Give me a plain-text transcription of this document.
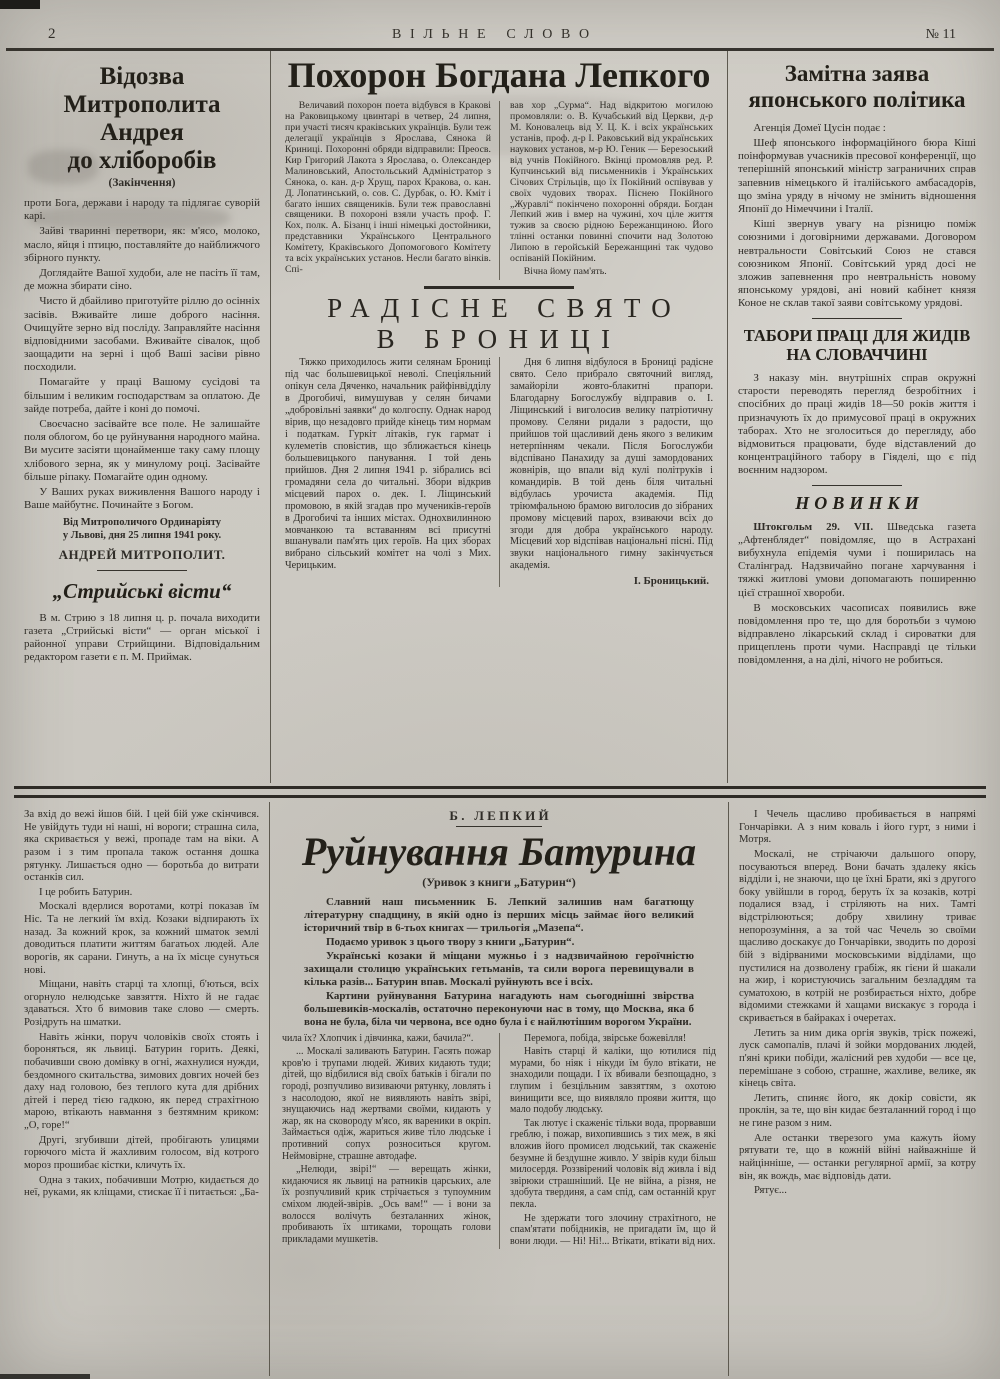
2	ВІЛЬНЕ СЛОВО	№ 11
Відозва
Митрополита Андрея
до хліборобів
(Закінчення)

проти Бога, держави і народу та підлягає суворій карі.

Зайві тваринні перетвори, як: м'ясо, молоко, масло, яйця і птицю, поставляйте до найближчого збірного пункту.

Доглядайте Вашої худоби, але не пасіть її там, де можна збирати сіно.

Чисто й дбайливо приготуйте ріллю до осінніх засівів. Вживайте лише доброго насіння. Очищуйте зерно від посліду. Заправляйте насіння відповідними засобами. Вживайте сівалок, щоб заощадити на зерні і щоб Ваші засіви рівно посходили.

Помагайте у праці Вашому сусідові та більшим і великим господарствам за оплатою. Де зайде потреба, дайте і коні до помочі.

Своєчасно засівайте все поле. Не залишайте поля облогом, бо це руйнування народного майна. Ви мусите засіяти щонайменше таку саму площу хлібового зерна, як у минулому році. Засівайте більше ріпаку. Помагайте один одному.

У Ваших руках виживлення Вашого народу і Ваше майбутнє. Починайте з Богом.

Від Митрополичого Ординаріяту
у Львові, дня 25 липня 1941 року.
АНДРЕЙ МИТРОПОЛИТ.
„Стрийські вісти“

В м. Стрию з 18 липня ц. р. почала виходити газета „Стрийські вісти“ — орган міської і районної управи Стрийщини. Відповідальним редактором газети є п. М. Приймак.

Похорон Богдана Лепкого

Величавий похорон поета відбувся в Кракові на Раковицькому цвинтарі в четвер, 24 липня, при участі тисяч краківських українців. Були теж делегації українців з Ярослава, Сянока й Криниці. Похоронні обряди відправили: Преосв. Кир Григорий Лакота з Ярослава, о. Олександер Малиновський, Апостольський Адміністратор з Сянока, о. кан. д-р Хрущ, парох Кракова, о. кан. Д. Лопатинський, о. сов. С. Дурбак, о. Ю. Кміт і багато інших священиків. Були теж православні священики. В похороні взяли участь проф. Г. Кох, полк. А. Бізанц і інші німецькі достойники, представники Українського Центрального Комітету, Краківського Допомогового Комітету та всіх українських установ. Несли багато вінків. Спі-

вав хор „Сурма“. Над відкритою могилою промовляли: о. В. Кучабський від Церкви, д-р М. Коновалець від У. Ц. К. і всіх українських устанів, проф. д-р І. Раковський від українських наукових установ, м-р Ю. Геник — Березоський від учнів Покійного. Вкінці промовляв ред. Р. Купчинський від письменників і Українських Січових Стрільців, що їх Покійний оспівував у своїх чудових творах. Піснею Покійного „Журавлі“ покінчено похоронні обряди. Богдан Лепкий жив і вмер на чужині, хоч ціле життя тужив за своєю рідною Бережанщиною. Його тлінні останки повинні спочити над Золотою Липою в геройській Бережанщині так чудово оспіваній Покійним.

Вічна йому пам'ять.

РАДІСНЕ СВЯТО
В БРОНИЦІ

Тяжко приходилось жити селянам Брониці під час большевицької неволі. Спеціяльний опікун села Дяченко, начальник райфінвідділу в Дрогобичі, вимушував у селян бичами „добровільні заявки“ до колгоспу. Однак народ вірив, що незадовго прийде кінець тим нормам і податкам. Гуркіт літаків, гук гармат і кулеметів сповістив, що зближається кінець большевицького панування. І той день прийшов. Дня 2 липня 1941 р. зібрались всі громадяни села до читальні. Збори відкрив місцевий парох о. дек. І. Ліщинський промовою, в якій згадав про мучеників-героїв в Дрогобичі та інших містах. Однохвилинною мовчанкою та вставанням всі присутні вшанували пам'ять цих героїв. На цих зборах вибрано сільський комітет на чолі з Мих. Черицьким.

Дня 6 липня відбулося в Брониці радісне свято. Село прибрало святочний вигляд, замайоріли жовто-блакитні прапори. Благодарну Богослужбу відправив о. І. Ліщинський і виголосив велику патріотичну промову. Селяни ридали з радости, що прийшов той щасливий день якого з великим нетерпінням чекали. Після Богослужби відспівано Панахиду за душі замордованих жовнірів, що впали від кулі політруків і командирів. В той день біля читальні відбулась урочиста академія. Під тріюмфальною брамою виголосив до зібраних промову місцевий парох, взиваючи всіх до згоди для добра українського народу. Місцевий хор відспівав національні пісні. Під звуки національного гимну закінчується академія.

І. Броницький.
Замітна заява
японського політика

Агенція Домеї Цусін подає :

Шеф японського інформаційного бюра Кіші поінформував учасників пресової конференції, що теперішній японський міністр заграничних справ запевнив німецького й італійського амбасадорів, що зміна уряду в нічому не змінить відношення Японії до Німеччини і Італії.

Кіші звернув увагу на різницю поміж союзними і договірними державами. Договором невтральности Совітський Союз не стався союзником Японії. Совітський уряд досі не зложив запевнення про невтральність новому японському урядові, ані новий кабінет князя Коное не склав такої заяви совітському урядові.

ТАБОРИ ПРАЦІ ДЛЯ ЖИДІВ
НА СЛОВАЧЧИНІ

З наказу мін. внутрішніх справ окружні старости переводять перегляд безробітних і спосібних до праці жидів 18—50 років життя і призначують їх до примусової праці в окружних таборах. Хто не зголоситься до перегляду, або відмовиться працювати, буде відставлений до концентраційного табору в Гіяделі, що є під воєнним надзором.

НОВИНКИ

Штокгольм 29. VII. Шведська газета „Афтенблядет“ повідомляє, що в Астрахані вибухнула епідемія чуми і поширилась на Сталінград. Надзвичайно погане харчування і тяжкі житлові умови допомагають поширенню цієї страшної хвороби.

В московських часописах появились вже повідомлення про те, що для боротьби з чумою відправлено лікарський склад і сироватки для прищеплень проти чуми. Насправді це тільки повідомлення, а на ділі, нічого не робиться.

За вхід до вежі йшов бій. І цей бій уже скінчився. Не увійдуть туди ні наші, ні вороги; страшна сила, яка скривається у вежі, пропаде там на віки. А разом і з тим пропала також остання дошка рятунку. Лишається одно — боротьба до витрати останків сил.

І це робить Батурин.

Москалі вдерлися воротами, котрі показав їм Ніс. Та не легкий їм вхід. Козаки відпирають їх назад. За кожний крок, за кожний шматок землі доводиться платити життям багатьох людей. Але ворогів, як сарани. Гинуть, а на їх місце сунуться нові.

Міщани, навіть старці та хлопці, б'ються, всіх огорнуло нелюдське завзяття. Ніхто й не гадає здаваться. Хто б вимовив таке слово — смерть. Розідруть на шматки.

Навіть жінки, поруч чоловіків своїх стоять і бороняться, як львиці. Батурин горить. Деякі, побачивши свою домівку в огні, жахнулися нужди, бездомного скитальства, зимових довгих ночей без даху над головою, без теплого кута для дрібних дітей і перед тією гадкою, як перед страхітною марою, втікають навмання з безтямним криком: „О, горе!“

Другі, згубивши дітей, пробігають улицями горючого міста й жахливим голосом, від котрого мороз прошибає кістки, кличуть їх.

Одна з таких, побачивши Мотрю, кидається до неї, руками, як кліщами, стискає її і питається: „Ба-

Б. ЛЕПКИЙ
Руйнування Батурина
(Уривок з книги „Батурин“)

Славний наш письменник Б. Лепкий залишив нам багатющу літературну спадщину, в якій одно із перших місць займає його великий історичний твір в 6-тьох книгах — трильогія „Мазепа“.

Подаємо уривок з цього твору з книги „Батурин“.

Українські козаки й міщани мужньо і з надзвичайною героїчністю захищали столицю українських гетьманів, та сили ворога перевищували в кілька разів... Батурин впав. Москалі руйнують все і всіх.

Картини руйнування Батурина нагадують нам сьогоднішні звірства большевиків-москалів, остаточно переконуючи нас в тому, що Москва, яка б вона не була, біла чи червона, все одно була і є найлютішим ворогом України.

чила їх? Хлопчик і дівчинка, кажи, бачила?“.

... Москалі заливають Батурин. Гасять пожар кров'ю і трупами людей. Живих кидають туди; дітей, що відбилися від своїх батьків і бігали по городі, розпучливо визиваючи рятунку, ловлять і з насолодою, якої не виявляють навіть звірі, знущаючись над жертвами своїми, кидають у жар, як на сковороду м'ясо, як вареники в окріп. Займається одіж, жариться живе тіло людське і противний сопух розноситься кругом. Неймовірне, страшне автодафе.

„Нелюди, звірі!“ — верещать жінки, кидаючися як львиці на ратників царських, але їх розпучливий крик стрічається з тупоумним сміхом людей-звірів. „Ось вам!“ — і вони за волосся волічуть безталанних жінок, пробивають їх штиками, торощать голови прикладами мушкетів.

Перемога, побіда, звірське божевілля!

Навіть старці й каліки, що ютилися під мурами, бо ніяк і нікуди їм було втікати, не знаходили пощади. І їх вбивали безпощадно, з глупим і безцільним завзяттям, з охотою винищити все, що виявляло прояви життя, що мало подобу людську.

Так лютує і скаженіє тільки вода, прорвавши греблю, і пожар, вихопившись з тих меж, в які вложив його промисел людський, так скаженіє безумне й бездушне живло. У звірів куди більш милосердя. Роззвірений чоловік від живла і від звірюки страшніший. Це не війна, а різня, не здобута твердиня, а сам спід, сам останній круг пекла.

Не здержати того злочину страхітного, не спам'ятати побідників, не пригадати їм, що й вони люди. — Ні! Ні!... Втікати, втікати від них.

І Чечель щасливо пробивається в напрямі Гончарівки. А з ним коваль і його гурт, з ними і Мотря.

Москалі, не стрічаючи дальшого опору, посуваються вперед. Вони бачать здалеку якісь відділи і, не знаючи, що це їхні Брати, які з другого боку увійшли в город, беруть їх за козаків, котрі подалися взад, і стріляють на них. Тамті відстрілюються; добру хвилину триває непорозуміння, а за той час Чечель зо своїми щасливо доскакує до Гончарівки, зводить по дорозі бій з відірваними московськими відділами, що пустилися на дозволену грабіж, як гієни й шакали на жир, і користуючись загальним безладдям та суматохою, в котрій не розбирається ніхто, добре відомими стежками й хащами вискакує з города і скривається в байраках і очеретах.

Летить за ним дика оргія звуків, тріск пожежі, луск самопалів, плачі й зойки мордованих людей, п'яні крики побіди, жалісний рев худоби — все це, перемішане з собою, страшне, жахливе, велике, як кінець світа.

Летить, спиняє його, як докір совісти, як проклін, за те, що він кидає безталанний город і що не гине разом з ним.

Але останки тверезого ума кажуть йому рятувати те, що в кожній війні найважніше й найцінніше, — останки регулярної армії, за котру він, як вождь, має відповідь дати.

Рятує...
